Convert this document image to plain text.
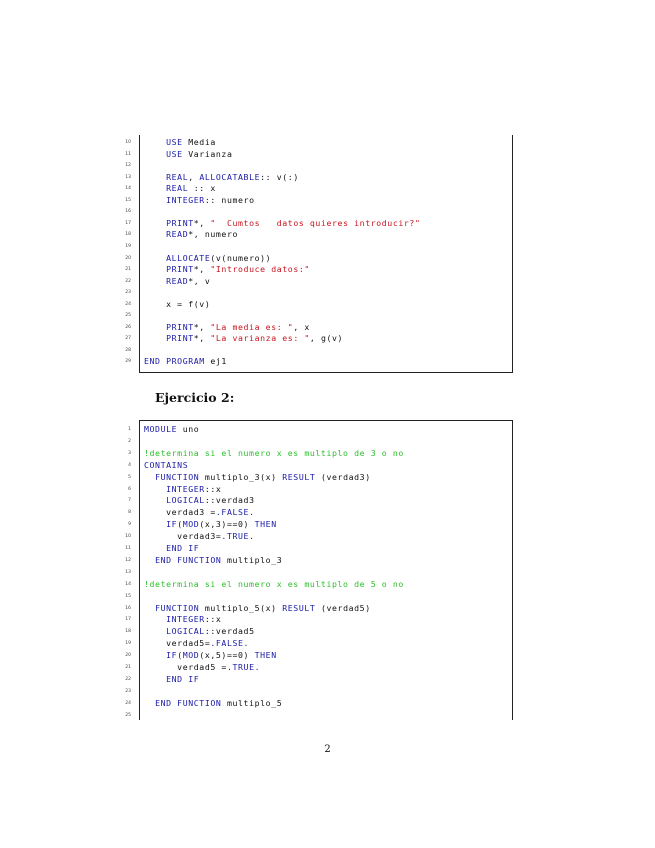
10	USE Media
11	USE Varianza
12
13	REAL, ALLOCATABLE:: v(:)
14	REAL :: x
15	INTEGER:: numero
16
17	PRINT*, "  Cumtos   datos quieres introducir?"
18	READ*, numero
19
20	ALLOCATE(v(numero))
21	PRINT*, "Introduce datos:"
22	READ*, v
23
24 x = f(v)
25
26	PRINT*, "La media es: ", x
27	PRINT*, "La varianza es: ", g(v)
28
29 END PROGRAM ej1
Ejercicio 2:
1 MODULE uno
2
3 !determina si el numero x es multiplo de 3 o no
4 CONTAINS
5	FUNCTION multiplo_3(x) RESULT (verdad3)
6	INTEGER::x
7	LOGICAL::verdad3
8 verdad3 =.FALSE.
9	IF(MOD(x,3)==0) THEN
10 verdad3=.TRUE.
11	END IF
12	END FUNCTION multiplo_3
13
14 !determina si el numero x es multiplo de 5 o no
15
16	FUNCTION multiplo_5(x) RESULT (verdad5)
17	INTEGER::x
18	LOGICAL::verdad5
19 verdad5=.FALSE.
20	IF(MOD(x,5)==0) THEN
21 verdad5 =.TRUE.
22	END IF
23
24	END FUNCTION multiplo_5
25
2
